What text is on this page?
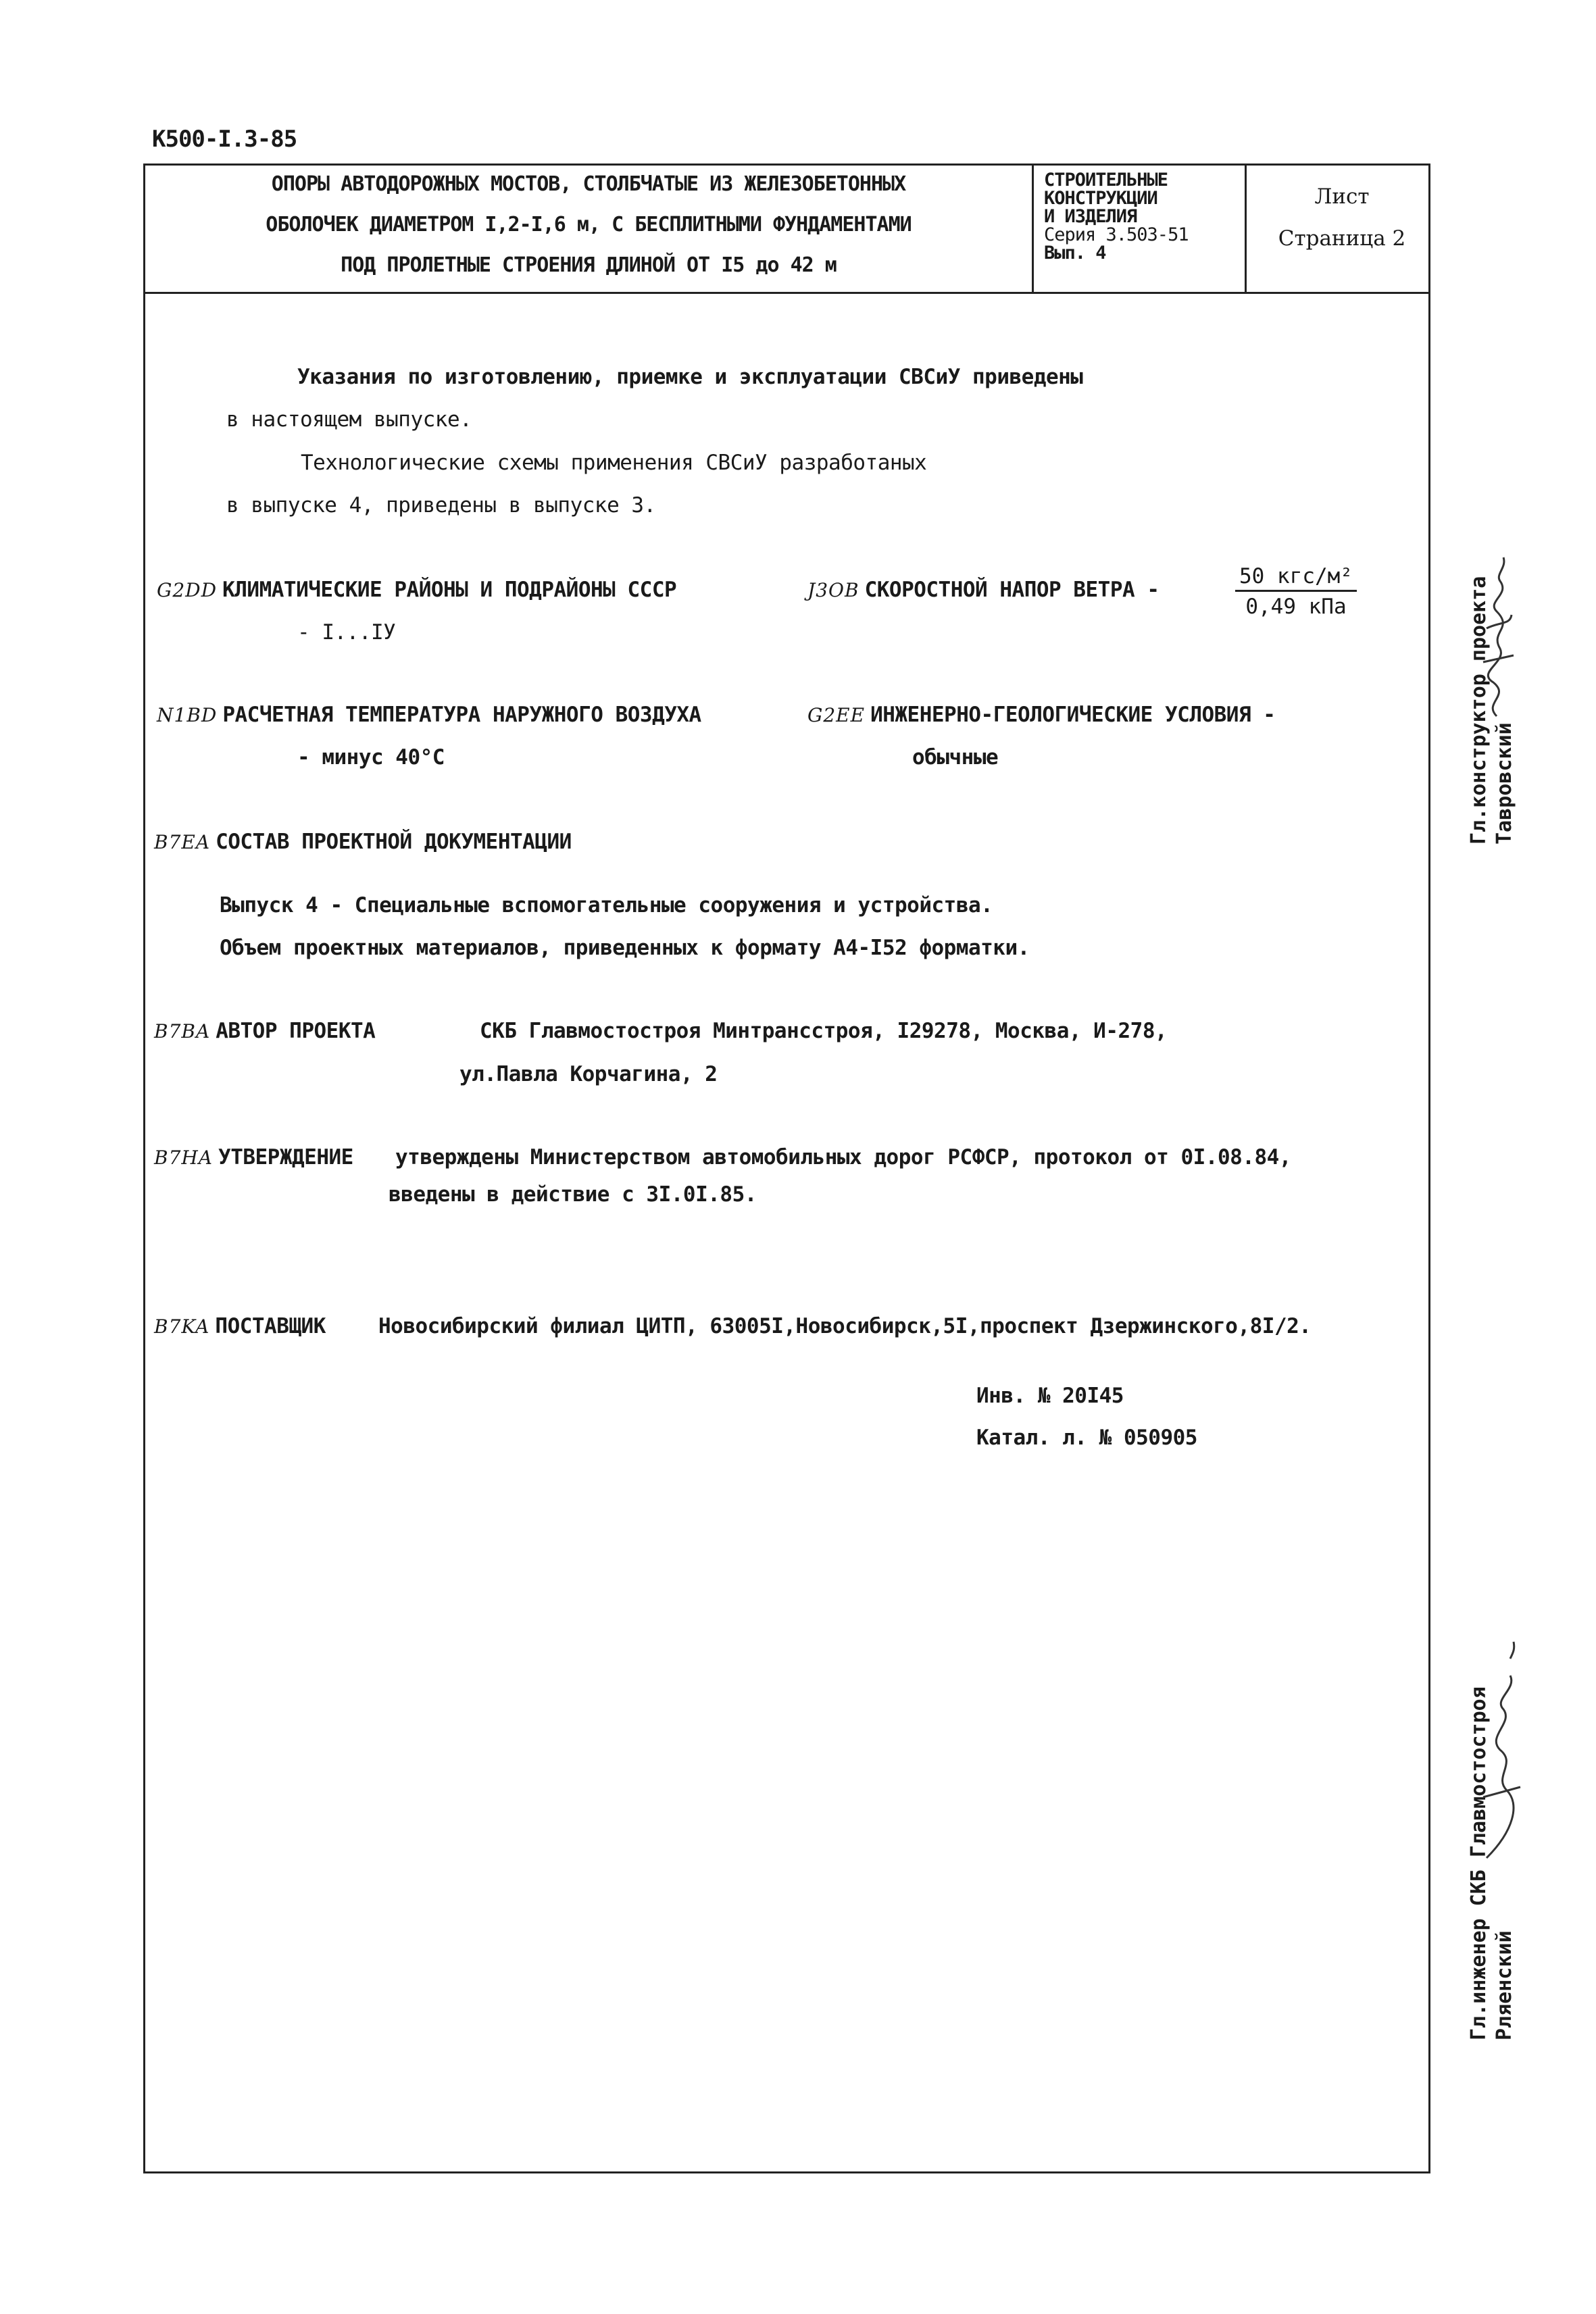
К500-I.3-85
ОПОРЫ АВТОДОРОЖНЫХ МОСТОВ, СТОЛБЧАТЫЕ ИЗ ЖЕЛЕЗОБЕТОННЫХ
ОБОЛОЧЕК ДИАМЕТРОМ I,2-I,6 м, С БЕСПЛИТНЫМИ ФУНДАМЕНТАМИ
ПОД ПРОЛЕТНЫЕ СТРОЕНИЯ ДЛИНОЙ ОТ I5 до 42 м
СТРОИТЕЛЬНЫЕ
КОНСТРУКЦИИ
И ИЗДЕЛИЯ
Серия 3.503-51
Вып. 4
Лист
Страница 2
Указания по изготовлению, приемке и эксплуатации СВСиУ приведены
в настоящем выпуске.
Технологические схемы применения СВСиУ разработаных
в выпуске 4, приведены в выпуске 3.
G2DD КЛИМАТИЧЕСКИЕ РАЙОНЫ И ПОДРАЙОНЫ СССР
- I...IУ
J3OB СКОРОСТНОЙ НАПОР ВЕТРА -
50 кгс/м²
0,49 кПа
N1BD РАСЧЕТНАЯ ТЕМПЕРАТУРА НАРУЖНОГО ВОЗДУХА
- минус 40°С
G2EE ИНЖЕНЕРНО-ГЕОЛОГИЧЕСКИЕ УСЛОВИЯ -
обычные
B7EA СОСТАВ ПРОЕКТНОЙ ДОКУМЕНТАЦИИ
Выпуск 4 - Специальные вспомогательные сооружения и устройства.
Объем проектных материалов, приведенных к формату А4-I52 форматки.
B7BA АВТОР ПРОЕКТА	СКБ Главмостостроя Минтрансстроя, I29278, Москва, И-278,
ул.Павла Корчагина, 2
B7HA УТВЕРЖДЕНИЕ утверждены Министерством автомобильных дорог РСФСР, протокол от 0I.08.84,
введены в действие с 3I.0I.85.
B7KA ПОСТАВЩИК	Новосибирский филиал ЦИТП, 63005I,Новосибирск,5I,проспект Дзержинского,8I/2.
Инв. № 20I45
Катал. л. № 050905
Гл.конструктор проекта Тавровский
Гл.инженер СКБ Главмостостроя Рляенский
